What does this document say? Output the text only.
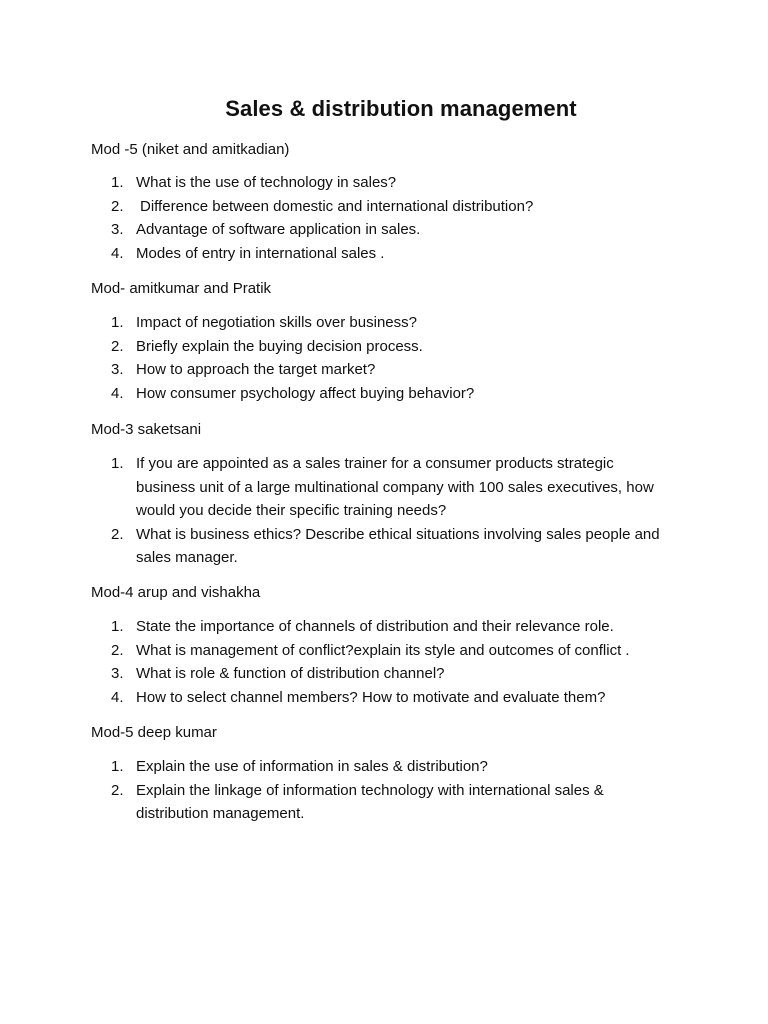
Sales & distribution management
Mod -5 (niket and amitkadian)
1. What is the use of technology in sales?
2.	Difference between domestic and international distribution?
3. Advantage of software application in sales.
4. Modes of entry in international sales .
Mod- amitkumar and Pratik
1. Impact of negotiation skills over business?
2. Briefly explain the buying decision process.
3. How to approach the target market?
4. How consumer psychology affect buying behavior?
Mod-3 saketsani
1. If you are appointed as a sales trainer for a consumer products strategic business unit of a large multinational company with 100 sales executives, how would you decide their specific training needs?
2. What is business ethics? Describe ethical situations involving sales people and sales manager.
Mod-4 arup and vishakha
1. State the importance of channels of distribution and their relevance role.
2. What is management of conflict?explain its style and outcomes of conflict .
3. What is role & function of distribution channel?
4. How to select channel members? How to motivate and evaluate them?
Mod-5 deep kumar
1. Explain the use of information in sales & distribution?
2. Explain the linkage of information technology with international sales & distribution management.
